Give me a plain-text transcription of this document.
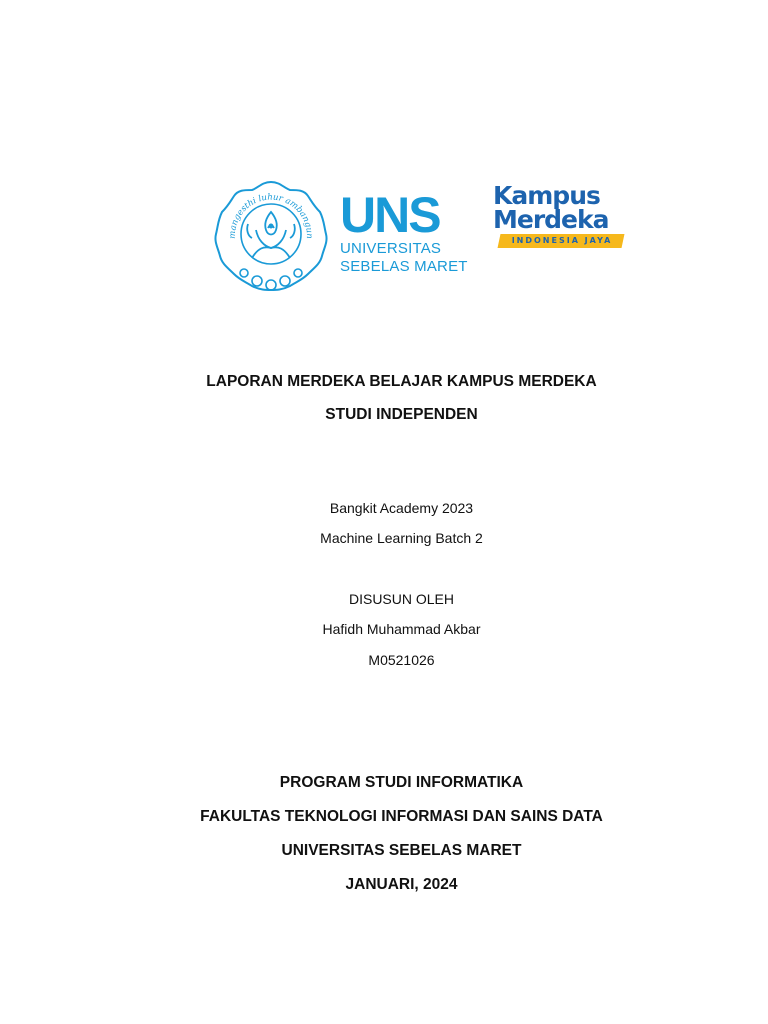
mangesthi luhur ambangun UNS

UNIVERSITAS

SEBELAS MARET

Kampus

Merdeka

INDONESIA JAYA
LAPORAN MERDEKA BELAJAR KAMPUS MERDEKA
STUDI INDEPENDEN
Bangkit Academy 2023
Machine Learning Batch 2
DISUSUN OLEH
Hafidh Muhammad Akbar
M0521026
PROGRAM STUDI INFORMATIKA
FAKULTAS TEKNOLOGI INFORMASI DAN SAINS DATA
UNIVERSITAS SEBELAS MARET
JANUARI, 2024
